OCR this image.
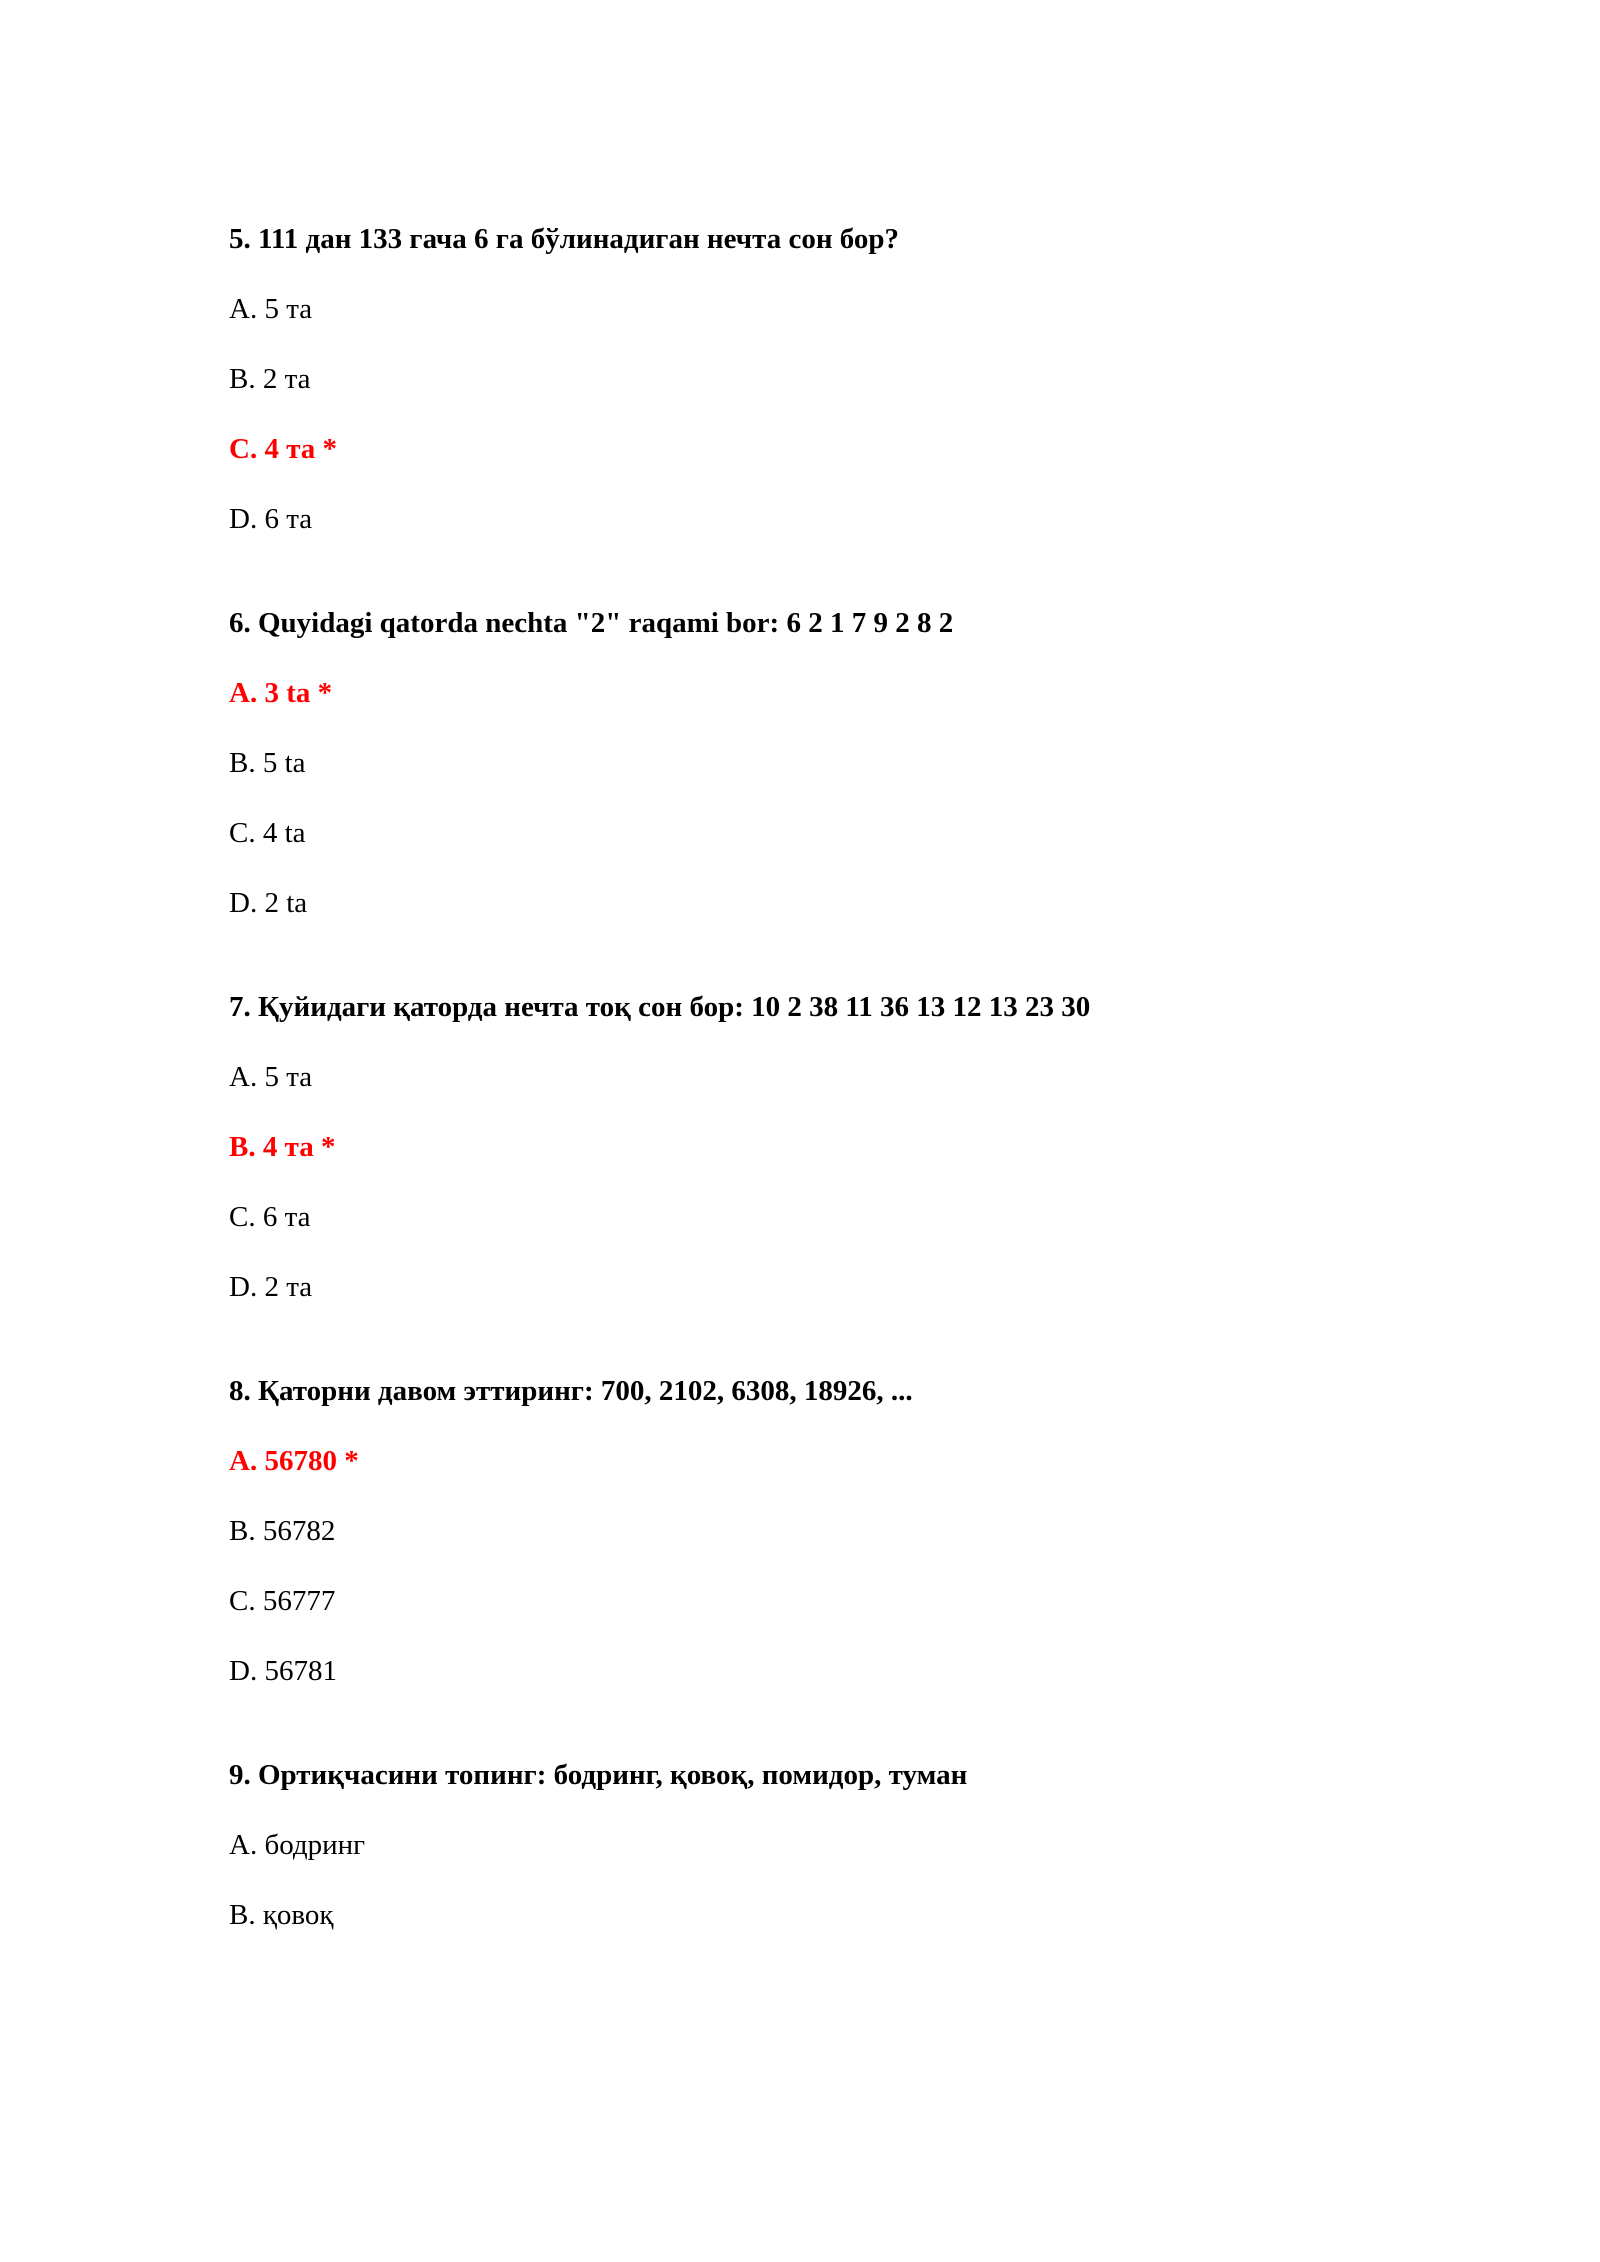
5. 111 дан 133 гача 6 га бўлинадиган нечта сон бор?

A. 5 та

B. 2 та

C. 4 та *

D. 6 та

6. Quyidagi qatorda nechta "2" raqami bor: 6 2 1 7 9 2 8 2

A. 3 ta *

B. 5 ta

C. 4 ta

D. 2 ta

7. Қуйидаги қаторда нечта тоқ сон бор: 10 2 38 11 36 13 12 13 23 30

A. 5 та

B. 4 та *

C. 6 та

D. 2 та

8. Қаторни давом эттиринг: 700, 2102, 6308, 18926, ...

A. 56780 *

B. 56782

C. 56777

D. 56781

9. Ортиқчасини топинг: бодринг, қовоқ, помидор, туман

A. бодринг

B. қовоқ
